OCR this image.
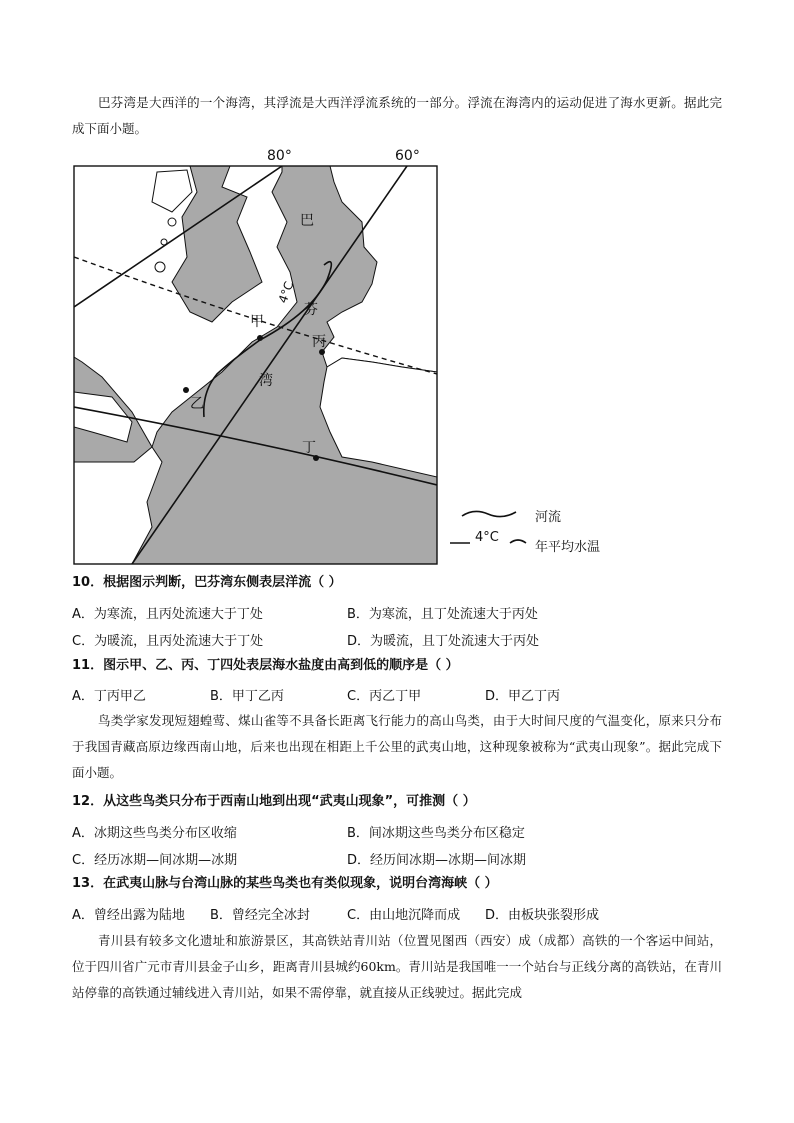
巴芬湾是大西洋的一个海湾，其浮流是大西洋浮流系统的一部分。浮流在海湾内的运动促进了海水更新。据此完成下面小题。
80°	60°
巴
芬
湾
甲
乙
丙
丁
4°C
河流
4°C
年平均水温
10．根据图示判断，巴芬湾东侧表层洋流（ ）
A．为寒流，且丙处流速大于丁处	B．为寒流，且丁处流速大于丙处
C．为暖流，且丙处流速大于丁处	D．为暖流，且丁处流速大于丙处
11．图示甲、乙、丙、丁四处表层海水盐度由高到低的顺序是（ ）
A．丁丙甲乙	B．甲丁乙丙	C．丙乙丁甲	D．甲乙丁丙
鸟类学家发现短翅蝗莺、煤山雀等不具备长距离飞行能力的高山鸟类，由于大时间尺度的气温变化，原来只分布于我国青藏高原边缘西南山地，后来也出现在相距上千公里的武夷山地，这种现象被称为“武夷山现象”。据此完成下面小题。
12．从这些鸟类只分布于西南山地到出现“武夷山现象”，可推测（ ）
A．冰期这些鸟类分布区收缩	B．间冰期这些鸟类分布区稳定
C．经历冰期—间冰期—冰期	D．经历间冰期—冰期—间冰期
13．在武夷山脉与台湾山脉的某些鸟类也有类似现象，说明台湾海峡（ ）
A．曾经出露为陆地 B．曾经完全冰封	C．由山地沉降而成 D．由板块张裂形成
青川县有较多文化遗址和旅游景区，其高铁站青川站（位置见图西（西安）成（成都）高铁的一个客运中间站，位于四川省广元市青川县金子山乡，距离青川县城约60km。青川站是我国唯一一个站台与正线分离的高铁站，在青川站停靠的高铁通过辅线进入青川站，如果不需停靠，就直接从正线驶过。据此完成
